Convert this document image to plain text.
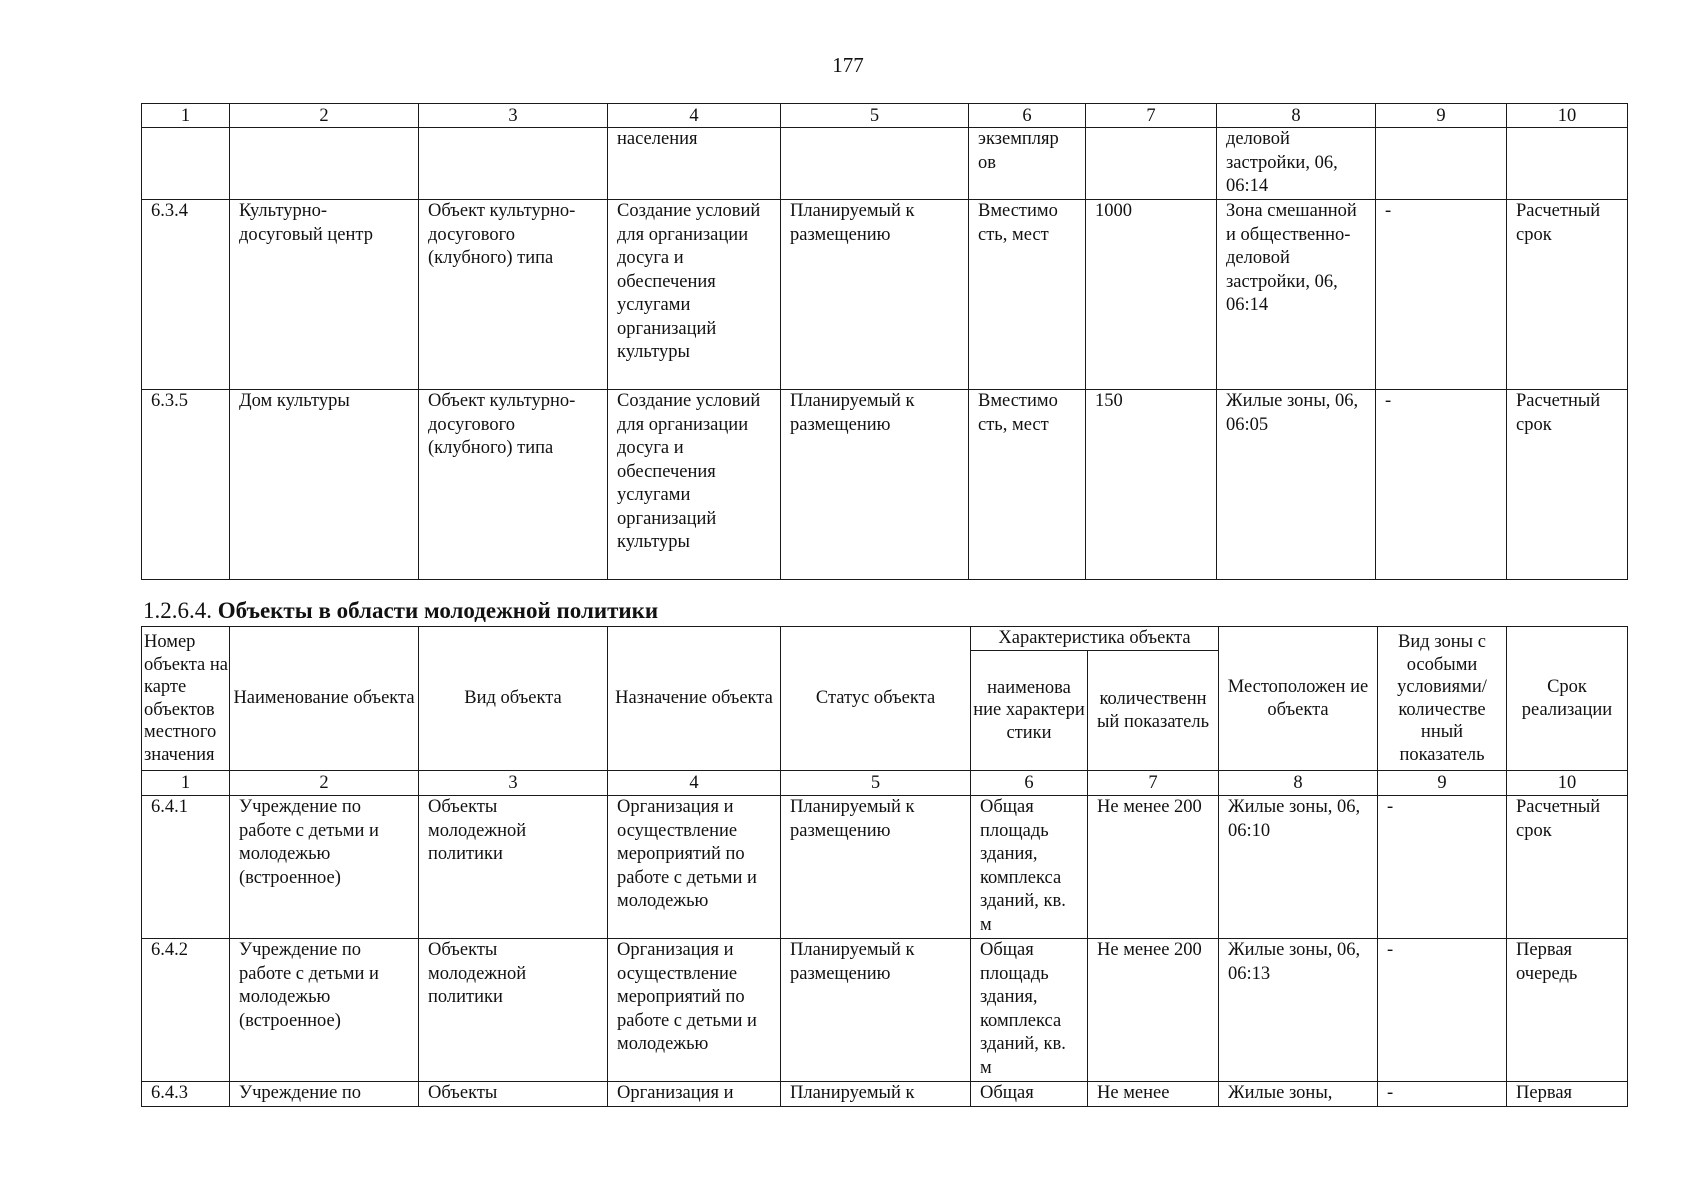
177
1	2	3	4	5	6	7	8	9	10
			населения		экземпляр ов		деловой застройки, 06, 06:14		
6.3.4	Культурно-досуговый центр	Объект культурно-досугового (клубного) типа	Создание условий для организации досуга и обеспечения услугами организаций культуры	Планируемый к размещению	Вместимо сть, мест	1000	Зона смешанной и общественно-деловой застройки, 06, 06:14	-	Расчетный срок
6.3.5	Дом культуры	Объект культурно-досугового (клубного) типа	Создание условий для организации досуга и обеспечения услугами организаций культуры	Планируемый к размещению	Вместимо сть, мест	150	Жилые зоны, 06, 06:05	-	Расчетный срок
1.2.6.4. Объекты в области молодежной политики
Номер объекта на карте объектов местного значения	Наименование объекта	Вид объекта	Назначение объекта	Статус объекта	Характеристика объекта		Местоположен ие объекта	Вид зоны с особыми условиями/ количестве нный показатель	Срок реализации
					наименова ние характери стики	количественн ый показатель			
1	2	3	4	5	6	7	8	9	10
6.4.1	Учреждение по работе с детьми и молодежью (встроенное)	Объекты молодежной политики	Организация и осуществление мероприятий по работе с детьми и молодежью	Планируемый к размещению	Общая площадь здания, комплекса зданий, кв. м	Не менее 200	Жилые зоны, 06, 06:10	-	Расчетный срок
6.4.2	Учреждение по работе с детьми и молодежью (встроенное)	Объекты молодежной политики	Организация и осуществление мероприятий по работе с детьми и молодежью	Планируемый к размещению	Общая площадь здания, комплекса зданий, кв. м	Не менее 200	Жилые зоны, 06, 06:13	-	Первая очередь
6.4.3	Учреждение по	Объекты	Организация и	Планируемый к	Общая	Не менее	Жилые зоны,	-	Первая
